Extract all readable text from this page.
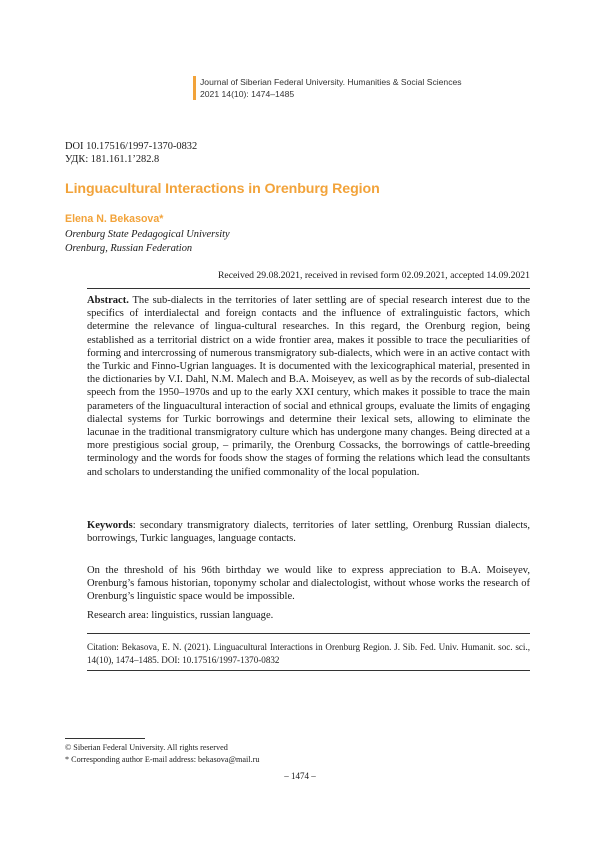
Journal of Siberian Federal University. Humanities & Social Sciences
2021 14(10): 1474–1485
DOI 10.17516/1997-1370-0832
УДК: 181.161.1’282.8
Linguacultural Interactions in Orenburg Region
Elena N. Bekasova*
Orenburg State Pedagogical University
Orenburg, Russian Federation
Received 29.08.2021, received in revised form 02.09.2021, accepted 14.09.2021
Abstract. The sub-dialects in the territories of later settling are of special research interest due to the specifics of interdialectal and foreign contacts and the influence of extralinguistic factors, which determine the relevance of lingua-cultural researches. In this regard, the Orenburg region, being established as a territorial district on a wide frontier area, makes it possible to trace the peculiarities of forming and intercrossing of numerous transmigratory sub-dialects, which were in an active contact with the Turkic and Finno-Ugrian languages. It is documented with the lexicographical material, presented in the dictionaries by V.I. Dahl, N.M. Malech and B.A. Moiseyev, as well as by the records of sub-dialectal speech from the 1950–1970s and up to the early XXI century, which makes it possible to trace the main parameters of the linguacultural interaction of social and ethnical groups, evaluate the limits of engaging dialectal systems for Turkic borrowings and determine their lexical sets, allowing to eliminate the lacunae in the traditional transmigratory culture which has undergone many changes. Being directed at a more prestigious social group, – primarily, the Orenburg Cossacks, the borrowings of cattle-breeding terminology and the words for foods show the stages of forming the relations which lead the consultants and scholars to understanding the unified commonality of the local population.
Keywords: secondary transmigratory dialects, territories of later settling, Orenburg Russian dialects, borrowings, Turkic languages, language contacts.
On the threshold of his 96th birthday we would like to express appreciation to B.A. Moiseyev, Orenburg’s famous historian, toponymy scholar and dialectologist, without whose works the research of Orenburg’s linguistic space would be impossible.
Research area: linguistics, russian language.
Citation: Bekasova, E. N. (2021). Linguacultural Interactions in Orenburg Region. J. Sib. Fed. Univ. Humanit. soc. sci., 14(10), 1474–1485. DOI: 10.17516/1997-1370-0832
© Siberian Federal University. All rights reserved
* Corresponding author E-mail address: bekasova@mail.ru
– 1474 –
